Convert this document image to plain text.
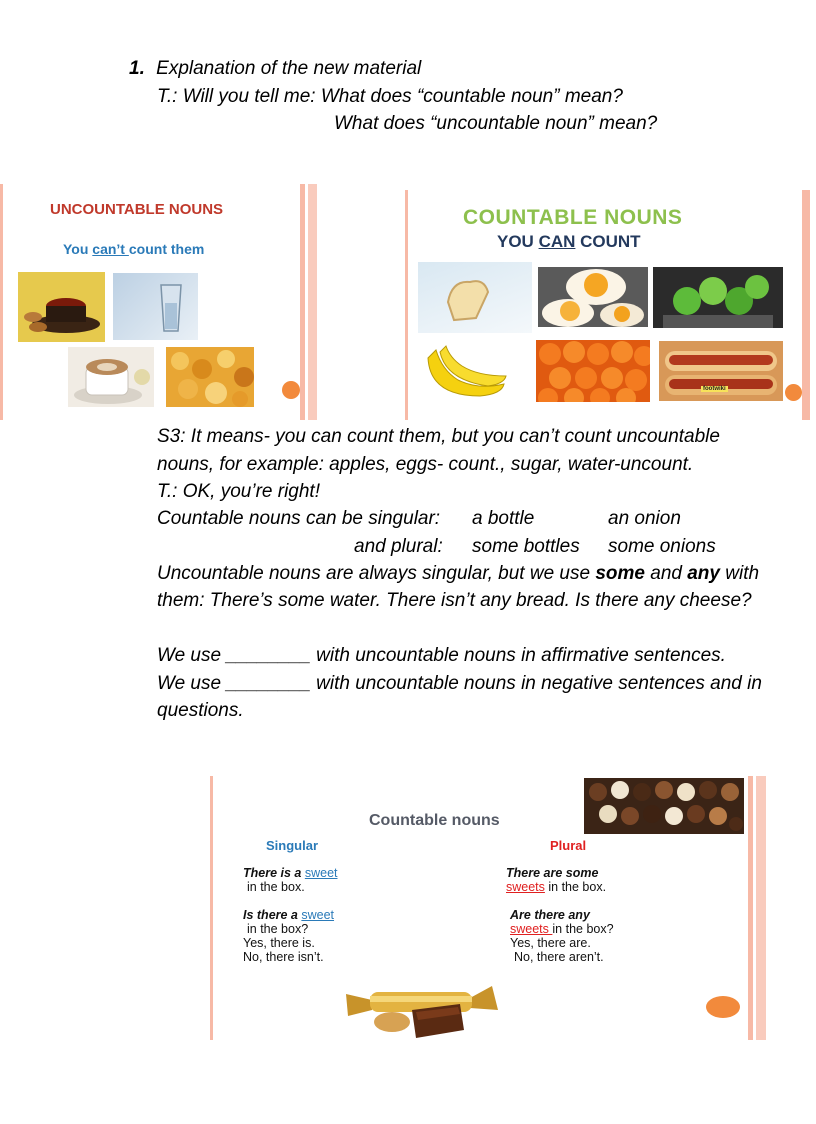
1. Explanation of the new material
T.: Will you tell me: What does “countable noun” mean?
What does “uncountable noun” mean?
UNCOUNTABLE NOUNS
You can’t count them
COUNTABLE NOUNS
YOU CAN COUNT
footwiki
S3: It means- you can count them, but you can’t count uncountable
nouns, for example: apples, eggs- count., sugar, water-uncount.
T.: OK, you’re right!
Countable nouns can be singular: a bottle	an onion
and plural: some bottles some onions
Uncountable nouns are always singular, but we use some and any with
them: There’s some water. There isn’t any bread. Is there any cheese?
We use ________ with uncountable nouns in affirmative sentences.
We use ________ with uncountable nouns in negative sentences and in
questions.
Countable nouns
Singular	Plural
There is a sweet
in the box.
Is there a sweet
in the box?
Yes, there is.
No, there isn’t.
There are some
sweets in the box.
Are there any
sweets in the box?
Yes, there are.
No, there aren’t.
